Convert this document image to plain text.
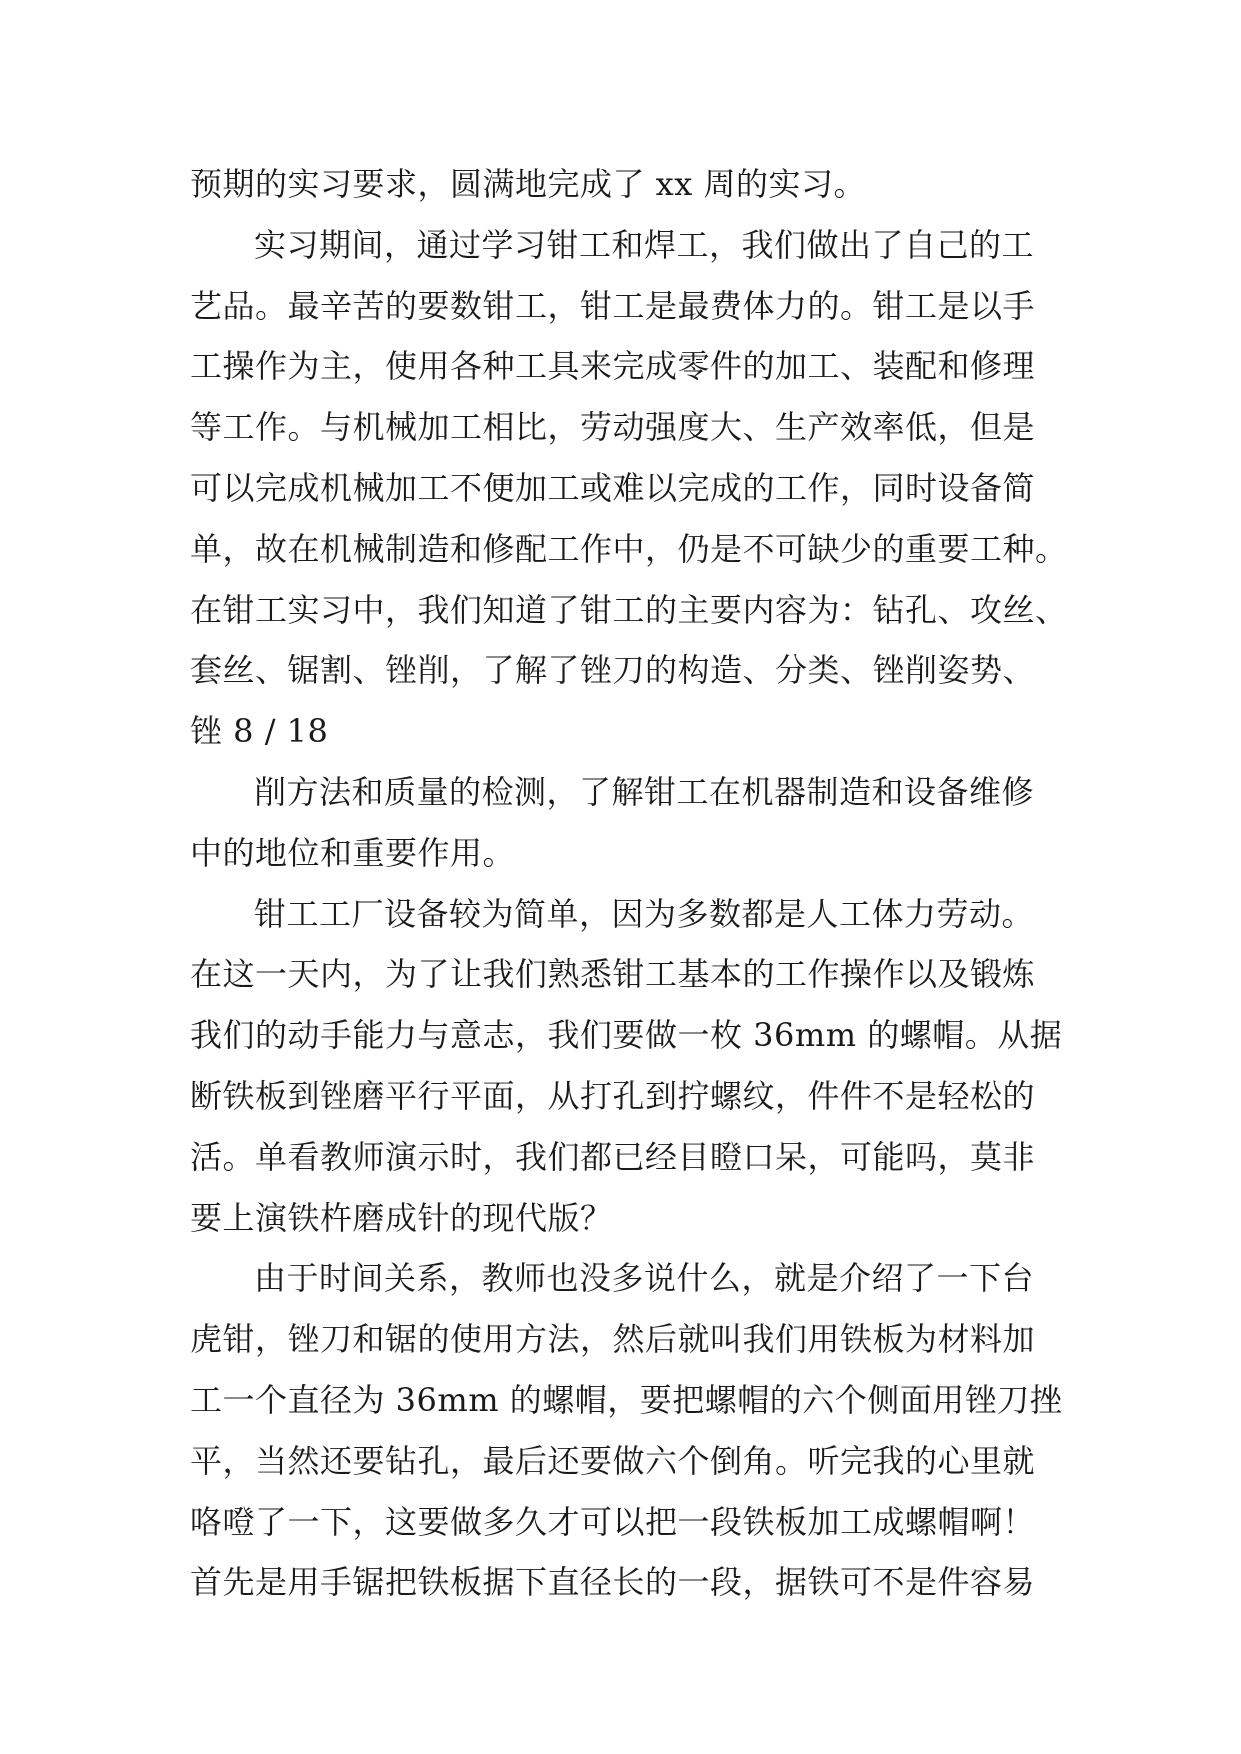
预期的实习要求，圆满地完成了 xx 周的实习。
实习期间，通过学习钳工和焊工，我们做出了自己的工
艺品。最辛苦的要数钳工，钳工是最费体力的。钳工是以手
工操作为主，使用各种工具来完成零件的加工、装配和修理
等工作。与机械加工相比，劳动强度大、生产效率低，但是
可以完成机械加工不便加工或难以完成的工作，同时设备简
单，故在机械制造和修配工作中，仍是不可缺少的重要工种。
在钳工实习中，我们知道了钳工的主要内容为：钻孔、攻丝、
套丝、锯割、锉削，了解了锉刀的构造、分类、锉削姿势、
锉 8 / 18
削方法和质量的检测，了解钳工在机器制造和设备维修
中的地位和重要作用。
钳工工厂设备较为简单，因为多数都是人工体力劳动。
在这一天内，为了让我们熟悉钳工基本的工作操作以及锻炼
我们的动手能力与意志，我们要做一枚 36mm 的螺帽。从据
断铁板到锉磨平行平面，从打孔到拧螺纹，件件不是轻松的
活。单看教师演示时，我们都已经目瞪口呆，可能吗，莫非
要上演铁杵磨成针的现代版？
由于时间关系，教师也没多说什么，就是介绍了一下台
虎钳，锉刀和锯的使用方法，然后就叫我们用铁板为材料加
工一个直径为 36mm 的螺帽，要把螺帽的六个侧面用锉刀挫
平，当然还要钻孔，最后还要做六个倒角。听完我的心里就
咯噔了一下，这要做多久才可以把一段铁板加工成螺帽啊！
首先是用手锯把铁板据下直径长的一段，据铁可不是件容易
